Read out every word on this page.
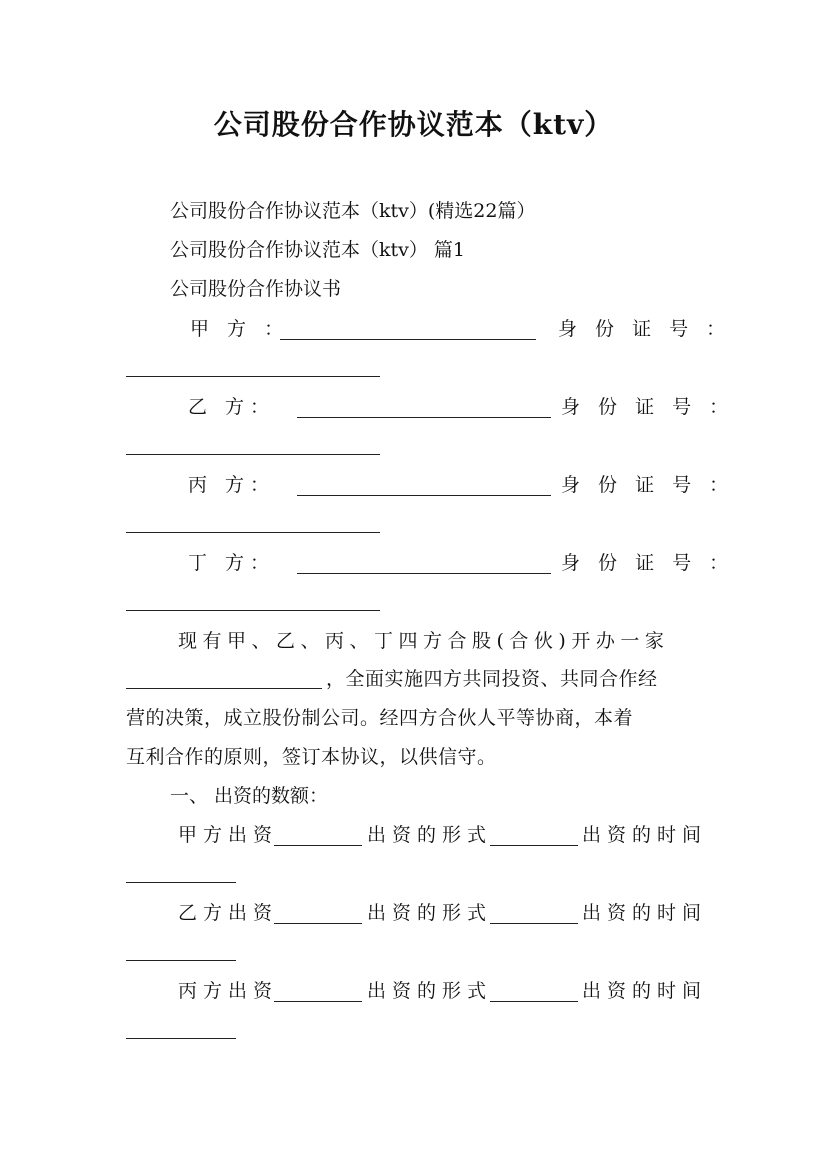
公司股份合作协议范本（ktv）
公司股份合作协议范本（ktv）(精选22篇）
公司股份合作协议范本（ktv） 篇1
公司股份合作协议书
甲 方 ：	身 份 证 号 ：
乙 方：	身 份 证 号 ：
丙 方：	身 份 证 号 ：
丁 方：	身 份 证 号 ：
现有甲、乙、丙、丁四方合股(合伙)开办一家
，全面实施四方共同投资、共同合作经
营的决策，成立股份制公司。经四方合伙人平等协商，本着
互利合作的原则，签订本协议，以供信守。
一、 出资的数额：
甲方出资	出资的形式	出资的时间
乙方出资	出资的形式	出资的时间
丙方出资	出资的形式	出资的时间
